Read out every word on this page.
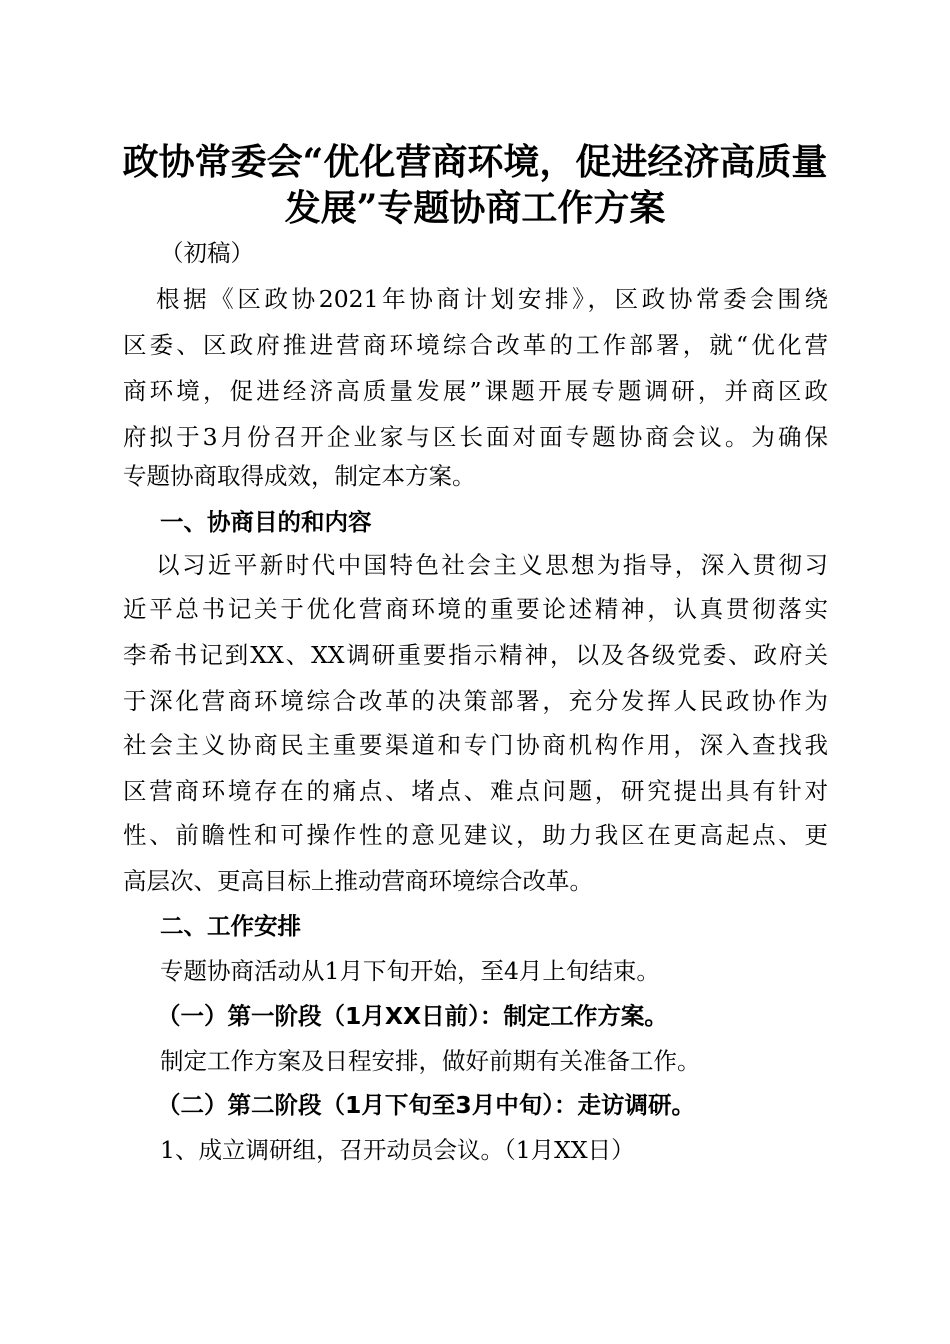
政协常委会“优化营商环境，促进经济高质量
发展”专题协商工作方案

（初稿）

根据《区政协2021年协商计划安排》，区政协常委会围绕

区委、区政府推进营商环境综合改革的工作部署，就“优化营

商环境，促进经济高质量发展”课题开展专题调研，并商区政

府拟于3月份召开企业家与区长面对面专题协商会议。为确保

专题协商取得成效，制定本方案。

一、协商目的和内容

以习近平新时代中国特色社会主义思想为指导，深入贯彻习

近平总书记关于优化营商环境的重要论述精神，认真贯彻落实

李希书记到XX、XX调研重要指示精神，以及各级党委、政府关

于深化营商环境综合改革的决策部署，充分发挥人民政协作为

社会主义协商民主重要渠道和专门协商机构作用，深入查找我

区营商环境存在的痛点、堵点、难点问题，研究提出具有针对

性、前瞻性和可操作性的意见建议，助力我区在更高起点、更

高层次、更高目标上推动营商环境综合改革。

二、工作安排

专题协商活动从1月下旬开始，至4月上旬结束。

（一）第一阶段（1月XX日前）：制定工作方案。

制定工作方案及日程安排，做好前期有关准备工作。

（二）第二阶段（1月下旬至3月中旬）：走访调研。

1、成立调研组，召开动员会议。（1月XX日）
